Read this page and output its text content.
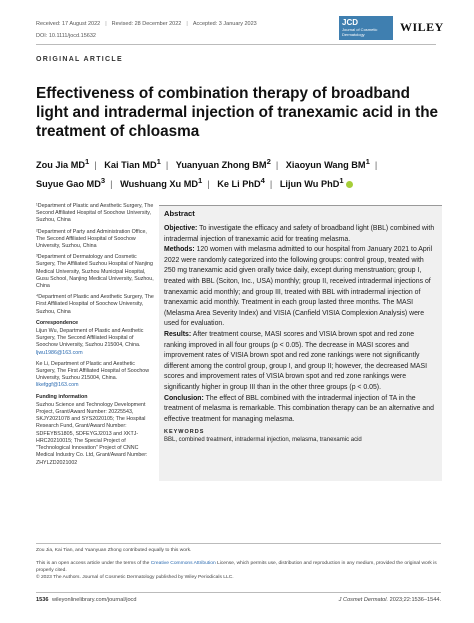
Received: 17 August 2022 | Revised: 28 December 2022 | Accepted: 3 January 2023
DOI: 10.1111/jocd.15632
JCD
Journal of Cosmetic Dermatology
WILEY
ORIGINAL ARTICLE
Effectiveness of combination therapy of broadband light and intradermal injection of tranexamic acid in the treatment of chloasma
Zou Jia $MD^1$ | Kai Tian $MD^1$ | Yuanyuan Zhong $BM^2$ | Xiaoyun Wang $BM^1$ |
Suyue Gao $MD^3$ | Wushuang Xu $MD^1$ | Ke Li PhD$^4$ | Lijun Wu PhD$^1$

¹Department of Plastic and Aesthetic Surgery, The Second Affiliated Hospital of Soochow University, Suzhou, China

²Department of Party and Administration Office, The Second Affiliated Hospital of Soochow University, Suzhou, China

³Department of Dermatology and Cosmetic Surgery, The Affiliated Suzhou Hospital of Nanjing Medical University, Suzhou Municipal Hospital, Gusu School, Nanjing Medical University, Suzhou, China

⁴Department of Plastic and Aesthetic Surgery, The First Affiliated Hospital of Soochow University, Suzhou, China

Correspondence

Lijun Wu, Department of Plastic and Aesthetic Surgery, The Second Affiliated Hospital of Soochow University, Suzhou 215004, China.
ljwu1986@163.com

Ke Li, Department of Plastic and Aesthetic Surgery, The First Affiliated Hospital of Soochow University, Suzhou 215004, China.
likefggf@163.com

Funding information

Suzhou Science and Technology Development Project, Grant/Award Number: 20225543, SKJY2021078 and SYS2020105; The Hospital Research Fund, Grant/Award Number: SDFEYBS1805, SDFEYGJ2013 and XKTJ-HRC20210015; The Special Project of "Technological Innovation" Project of CNNC Medical Industry Co. Ltd, Grant/Award Number: ZHYLZD2021002

Abstract

Objective: To investigate the efficacy and safety of broadband light (BBL) combined with intradermal injection of tranexamic acid for treating melasma.

Methods: 120 women with melasma admitted to our hospital from January 2021 to April 2022 were randomly categorized into the following groups: control group, treated with 250 mg tranexamic acid given orally twice daily, except during menstruation; group I, treated with BBL (Sciton, Inc., USA) monthly; group II, received intradermal injections of tranexamic acid monthly; and group III, treated with BBL with intradermal injection of tranexamic acid monthly. Treatment in each group lasted three months. The MASI (Melasma Area Severity Index) and VISIA (Canfield VISIA Complexion Analysis) were used for evaluation.

Results: After treatment course, MASI scores and VISIA brown spot and red zone ranking improved in all four groups (p < 0.05). The decrease in MASI scores and improvement rates of VISIA brown spot and red zone rankings were not significantly different among the control group, group I, and group II; however, the decreased MASI scores and improvement rates of VISIA brown spot and red zone rankings were significantly higher in group III than in the other three groups (p < 0.05).

Conclusion: The effect of BBL combined with the intradermal injection of TA in the treatment of melasma is remarkable. This combination therapy can be an alternative and effective treatment for managing melasma.

KEYWORDS
BBL, combined treatment, intradermal injection, melasma, tranexamic acid
Zou Jia, Kai Tian, and Yuanyuan Zhong contributed equally to this work.
This is an open access article under the terms of the Creative Commons Attribution License, which permits use, distribution and reproduction in any medium, provided the original work is properly cited.
© 2023 The Authors. Journal of Cosmetic Dermatology published by Wiley Periodicals LLC.
1536 wileyonlinelibrary.com/journal/jocd	J Cosmet Dermatol. 2023;22:1536–1544.
